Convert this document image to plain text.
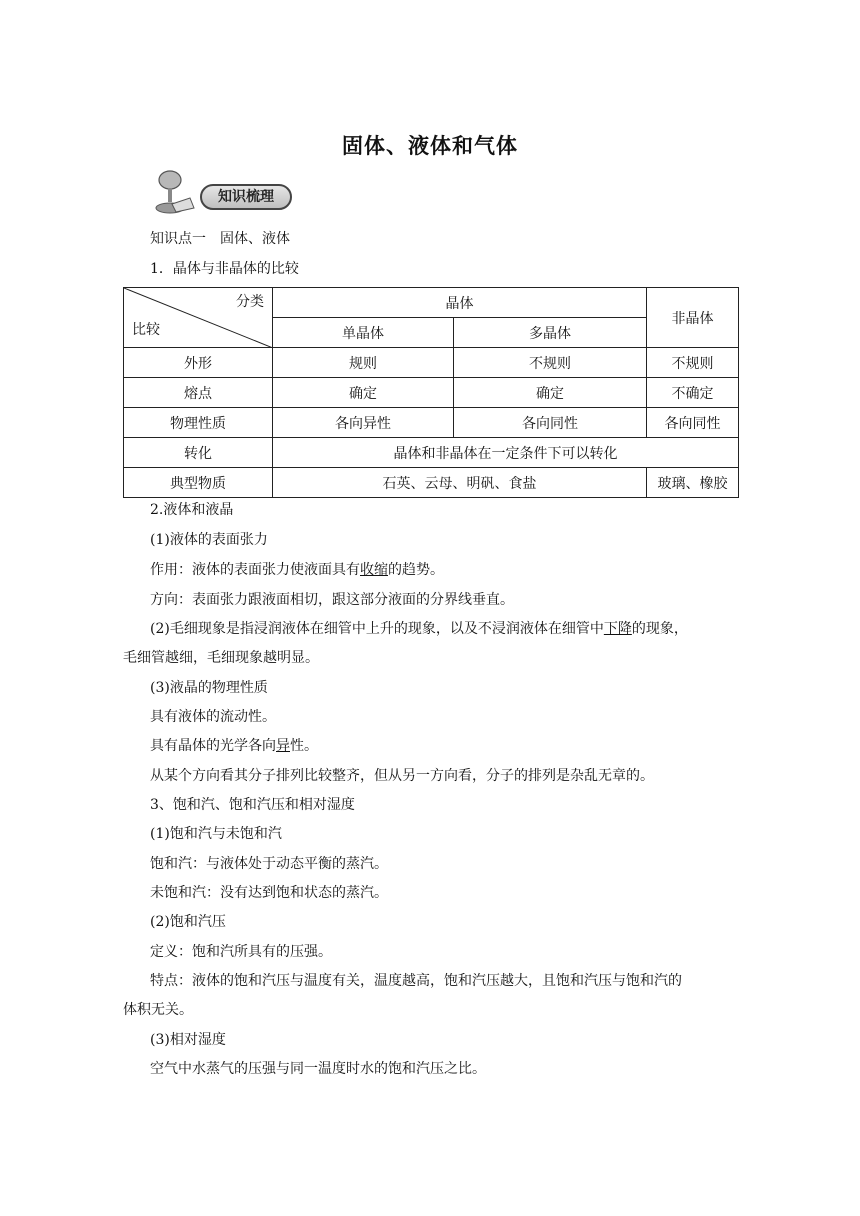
固体、液体和气体
知识梳理
知识点一　固体、液体
1．晶体与非晶体的比较
分类
比较	晶体		非晶体
	单晶体	多晶体	
外形	规则	不规则	不规则
熔点	确定	确定	不确定
物理性质	各向异性	各向同性	各向同性
转化	晶体和非晶体在一定条件下可以转化		
典型物质	石英、云母、明矾、食盐		玻璃、橡胶
2.液体和液晶
(1)液体的表面张力
作用：液体的表面张力使液面具有收缩的趋势。
方向：表面张力跟液面相切，跟这部分液面的分界线垂直。
(2)毛细现象是指浸润液体在细管中上升的现象，以及不浸润液体在细管中下降的现象，
毛细管越细，毛细现象越明显。
(3)液晶的物理性质
具有液体的流动性。
具有晶体的光学各向异性。
从某个方向看其分子排列比较整齐，但从另一方向看，分子的排列是杂乱无章的。
3、饱和汽、饱和汽压和相对湿度
(1)饱和汽与未饱和汽
饱和汽：与液体处于动态平衡的蒸汽。
未饱和汽：没有达到饱和状态的蒸汽。
(2)饱和汽压
定义：饱和汽所具有的压强。
特点：液体的饱和汽压与温度有关，温度越高，饱和汽压越大，且饱和汽压与饱和汽的
体积无关。
(3)相对湿度
空气中水蒸气的压强与同一温度时水的饱和汽压之比。
